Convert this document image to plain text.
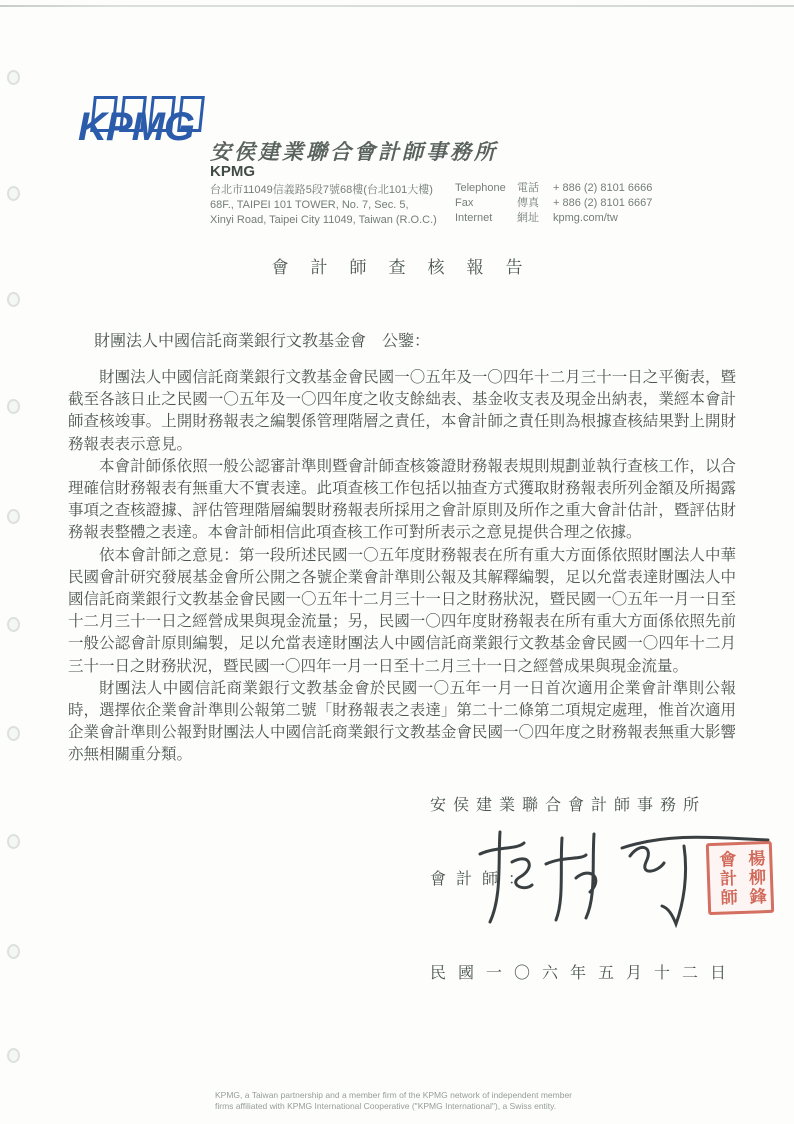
KPMG
安侯建業聯合會計師事務所
KPMG
台北市11049信義路5段7號68樓(台北101大樓)
68F., TAIPEI 101 TOWER, No. 7, Sec. 5,
Xinyi Road, Taipei City 11049, Taiwan (R.O.C.)
Telephone	電話	+ 886 (2) 8101 6666
Fax	傳真	+ 886 (2) 8101 6667
Internet	網址	kpmg.com/tw
會計師查核報告
財團法人中國信託商業銀行文教基金會　公鑒：

財團法人中國信託商業銀行文教基金會民國一〇五年及一〇四年十二月三十一日之平衡表，暨截至各該日止之民國一〇五年及一〇四年度之收支餘絀表、基金收支表及現金出納表，業經本會計師查核竣事。上開財務報表之編製係管理階層之責任，本會計師之責任則為根據查核結果對上開財務報表表示意見。

本會計師係依照一般公認審計準則暨會計師查核簽證財務報表規則規劃並執行查核工作，以合理確信財務報表有無重大不實表達。此項查核工作包括以抽查方式獲取財務報表所列金額及所揭露事項之查核證據、評估管理階層編製財務報表所採用之會計原則及所作之重大會計估計，暨評估財務報表整體之表達。本會計師相信此項查核工作可對所表示之意見提供合理之依據。

依本會計師之意見：第一段所述民國一〇五年度財務報表在所有重大方面係依照財團法人中華民國會計研究發展基金會所公開之各號企業會計準則公報及其解釋編製，足以允當表達財團法人中國信託商業銀行文教基金會民國一〇五年十二月三十一日之財務狀況，暨民國一〇五年一月一日至十二月三十一日之經營成果與現金流量；另，民國一〇四年度財務報表在所有重大方面係依照先前一般公認會計原則編製，足以允當表達財團法人中國信託商業銀行文教基金會民國一〇四年十二月三十一日之財務狀況，暨民國一〇四年一月一日至十二月三十一日之經營成果與現金流量。

財團法人中國信託商業銀行文教基金會於民國一〇五年一月一日首次適用企業會計準則公報時，選擇依企業會計準則公報第二號「財務報表之表達」第二十二條第二項規定處理，惟首次適用企業會計準則公報對財團法人中國信託商業銀行文教基金會民國一〇四年度之財務報表無重大影響亦無相關重分類。

安侯建業聯合會計師事務所
會計師：	楊柳鋒
會計師
民國一〇六年五月十二日
KPMG, a Taiwan partnership and a member firm of the KPMG network of independent member
firms affiliated with KPMG International Cooperative ("KPMG International"), a Swiss entity.
